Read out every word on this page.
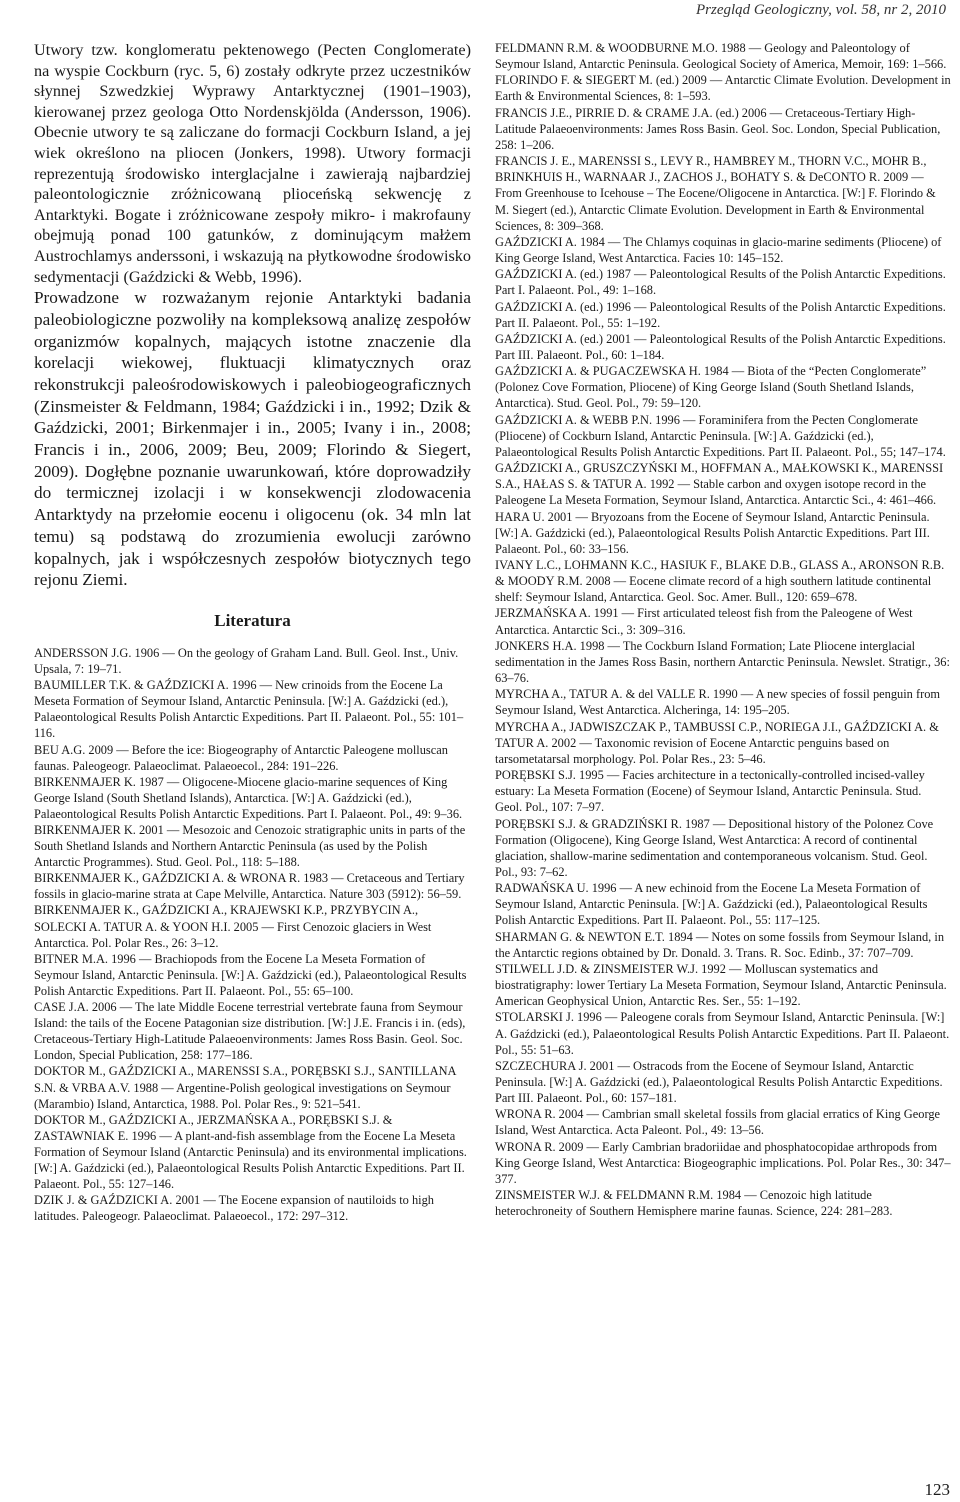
Przegląd Geologiczny, vol. 58, nr 2, 2010

Utwory tzw. konglomeratu pektenowego (Pecten Conglomerate) na wyspie Cockburn (ryc. 5, 6) zostały odkryte przez uczestników słynnej Szwedzkiej Wyprawy Antarktycznej (1901–1903), kierowanej przez geologa Otto Nordenskjölda (Andersson, 1906). Obecnie utwory te są zaliczane do formacji Cockburn Island, a jej wiek określono na pliocen (Jonkers, 1998). Utwory formacji reprezentują środowisko interglacjalne i zawierają najbardziej paleontologicznie zróżnicowaną plioceńską sekwencję z Antarktyki. Bogate i zróżnicowane zespoły mikro- i makrofauny obejmują ponad 100 gatunków, z dominującym małżem Austrochlamys anderssoni, i wskazują na płytkowodne środowisko sedymentacji (Gaździcki & Webb, 1996).

Prowadzone w rozważanym rejonie Antarktyki badania paleobiologiczne pozwoliły na kompleksową analizę zespołów organizmów kopalnych, mających istotne znaczenie dla korelacji wiekowej, fluktuacji klimatycznych oraz rekonstrukcji paleośrodowiskowych i paleobiogeograficznych (Zinsmeister & Feldmann, 1984; Gaździcki i in., 1992; Dzik & Gaździcki, 2001; Birkenmajer i in., 2005; Ivany i in., 2008; Francis i in., 2006, 2009; Beu, 2009; Florindo & Siegert, 2009). Dogłębne poznanie uwarunkowań, które doprowadziły do termicznej izolacji i w konsekwencji zlodowacenia Antarktydy na przełomie eocenu i oligocenu (ok. 34 mln lat temu) są podstawą do zrozumienia ewolucji zarówno kopalnych, jak i współczesnych zespołów biotycznych tego rejonu Ziemi.

Literatura

ANDERSSON J.G. 1906 — On the geology of Graham Land. Bull. Geol. Inst., Univ. Upsala, 7: 19–71.

BAUMILLER T.K. & GAŹDZICKI A. 1996 — New crinoids from the Eocene La Meseta Formation of Seymour Island, Antarctic Peninsula. [W:] A. Gaździcki (ed.), Palaeontological Results Polish Antarctic Expeditions. Part II. Palaeont. Pol., 55: 101–116.

BEU A.G. 2009 — Before the ice: Biogeography of Antarctic Paleogene molluscan faunas. Paleogeogr. Palaeoclimat. Palaeoecol., 284: 191–226.

BIRKENMAJER K. 1987 — Oligocene-Miocene glacio-marine sequences of King George Island (South Shetland Islands), Antarctica. [W:] A. Gaździcki (ed.), Palaeontological Results Polish Antarctic Expeditions. Part I. Palaeont. Pol., 49: 9–36.

BIRKENMAJER K. 2001 — Mesozoic and Cenozoic stratigraphic units in parts of the South Shetland Islands and Northern Antarctic Peninsula (as used by the Polish Antarctic Programmes). Stud. Geol. Pol., 118: 5–188.

BIRKENMAJER K., GAŹDZICKI A. & WRONA R. 1983 — Cretaceous and Tertiary fossils in glacio-marine strata at Cape Melville, Antarctica. Nature 303 (5912): 56–59.

BIRKENMAJER K., GAŹDZICKI A., KRAJEWSKI K.P., PRZYBYCIN A., SOLECKI A. TATUR A. & YOON H.I. 2005 — First Cenozoic glaciers in West Antarctica. Pol. Polar Res., 26: 3–12.

BITNER M.A. 1996 — Brachiopods from the Eocene La Meseta Formation of Seymour Island, Antarctic Peninsula. [W:] A. Gaździcki (ed.), Palaeontological Results Polish Antarctic Expeditions. Part II. Palaeont. Pol., 55: 65–100.

CASE J.A. 2006 — The late Middle Eocene terrestrial vertebrate fauna from Seymour Island: the tails of the Eocene Patagonian size distribution. [W:] J.E. Francis i in. (eds), Cretaceous-Tertiary High-Latitude Palaeoenvironments: James Ross Basin. Geol. Soc. London, Special Publication, 258: 177–186.

DOKTOR M., GAŹDZICKI A., MARENSSI S.A., PORĘBSKI S.J., SANTILLANA S.N. & VRBA A.V. 1988 — Argentine-Polish geological investigations on Seymour (Marambio) Island, Antarctica, 1988. Pol. Polar Res., 9: 521–541.

DOKTOR M., GAŹDZICKI A., JERZMAŃSKA A., PORĘBSKI S.J. & ZASTAWNIAK E. 1996 — A plant-and-fish assemblage from the Eocene La Meseta Formation of Seymour Island (Antarctic Peninsula) and its environmental implications. [W:] A. Gaździcki (ed.), Palaeontological Results Polish Antarctic Expeditions. Part II. Palaeont. Pol., 55: 127–146.

DZIK J. & GAŹDZICKI A. 2001 — The Eocene expansion of nautiloids to high latitudes. Paleogeogr. Palaeoclimat. Palaeoecol., 172: 297–312.

FELDMANN R.M. & WOODBURNE M.O. 1988 — Geology and Paleontology of Seymour Island, Antarctic Peninsula. Geological Society of America, Memoir, 169: 1–566.

FLORINDO F. & SIEGERT M. (ed.) 2009 — Antarctic Climate Evolution. Development in Earth & Environmental Sciences, 8: 1–593.

FRANCIS J.E., PIRRIE D. & CRAME J.A. (ed.) 2006 — Cretaceous-Tertiary High-Latitude Palaeoenvironments: James Ross Basin. Geol. Soc. London, Special Publication, 258: 1–206.

FRANCIS J. E., MARENSSI S., LEVY R., HAMBREY M., THORN V.C., MOHR B., BRINKHUIS H., WARNAAR J., ZACHOS J., BOHATY S. & DeCONTO R. 2009 — From Greenhouse to Icehouse – The Eocene/Oligocene in Antarctica. [W:] F. Florindo & M. Siegert (ed.), Antarctic Climate Evolution. Development in Earth & Environmental Sciences, 8: 309–368.

GAŹDZICKI A. 1984 — The Chlamys coquinas in glacio-marine sediments (Pliocene) of King George Island, West Antarctica. Facies 10: 145–152.

GAŹDZICKI A. (ed.) 1987 — Paleontological Results of the Polish Antarctic Expeditions. Part I. Palaeont. Pol., 49: 1–168.

GAŹDZICKI A. (ed.) 1996 — Paleontological Results of the Polish Antarctic Expeditions. Part II. Palaeont. Pol., 55: 1–192.

GAŹDZICKI A. (ed.) 2001 — Paleontological Results of the Polish Antarctic Expeditions. Part III. Palaeont. Pol., 60: 1–184.

GAŹDZICKI A. & PUGACZEWSKA H. 1984 — Biota of the “Pecten Conglomerate” (Polonez Cove Formation, Pliocene) of King George Island (South Shetland Islands, Antarctica). Stud. Geol. Pol., 79: 59–120.

GAŹDZICKI A. & WEBB P.N. 1996 — Foraminifera from the Pecten Conglomerate (Pliocene) of Cockburn Island, Antarctic Peninsula. [W:] A. Gaździcki (ed.), Palaeontological Results Polish Antarctic Expeditions. Part II. Palaeont. Pol., 55; 147–174.

GAŹDZICKI A., GRUSZCZYŃSKI M., HOFFMAN A., MAŁKOWSKI K., MARENSSI S.A., HAŁAS S. & TATUR A. 1992 — Stable carbon and oxygen isotope record in the Paleogene La Meseta Formation, Seymour Island, Antarctica. Antarctic Sci., 4: 461–466.

HARA U. 2001 — Bryozoans from the Eocene of Seymour Island, Antarctic Peninsula. [W:] A. Gaździcki (ed.), Palaeontological Results Polish Antarctic Expeditions. Part III. Palaeont. Pol., 60: 33–156.

IVANY L.C., LOHMANN K.C., HASIUK F., BLAKE D.B., GLASS A., ARONSON R.B. & MOODY R.M. 2008 — Eocene climate record of a high southern latitude continental shelf: Seymour Island, Antarctica. Geol. Soc. Amer. Bull., 120: 659–678.

JERZMAŃSKA A. 1991 — First articulated teleost fish from the Paleogene of West Antarctica. Antarctic Sci., 3: 309–316.

JONKERS H.A. 1998 — The Cockburn Island Formation; Late Pliocene interglacial sedimentation in the James Ross Basin, northern Antarctic Peninsula. Newslet. Stratigr., 36: 63–76.

MYRCHA A., TATUR A. & del VALLE R. 1990 — A new species of fossil penguin from Seymour Island, West Antarctica. Alcheringa, 14: 195–205.

MYRCHA A., JADWISZCZAK P., TAMBUSSI C.P., NORIEGA J.I., GAŹDZICKI A. & TATUR A. 2002 — Taxonomic revision of Eocene Antarctic penguins based on tarsometatarsal morphology. Pol. Polar Res., 23: 5–46.

PORĘBSKI S.J. 1995 — Facies architecture in a tectonically-controlled incised-valley estuary: La Meseta Formation (Eocene) of Seymour Island, Antarctic Peninsula. Stud. Geol. Pol., 107: 7–97.

PORĘBSKI S.J. & GRADZIŃSKI R. 1987 — Depositional history of the Polonez Cove Formation (Oligocene), King George Island, West Antarctica: A record of continental glaciation, shallow-marine sedimentation and contemporaneous volcanism. Stud. Geol. Pol., 93: 7–62.

RADWAŃSKA U. 1996 — A new echinoid from the Eocene La Meseta Formation of Seymour Island, Antarctic Peninsula. [W:] A. Gaździcki (ed.), Palaeontological Results Polish Antarctic Expeditions. Part II. Palaeont. Pol., 55: 117–125.

SHARMAN G. & NEWTON E.T. 1894 — Notes on some fossils from Seymour Island, in the Antarctic regions obtained by Dr. Donald. 3. Trans. R. Soc. Edinb., 37: 707–709.

STILWELL J.D. & ZINSMEISTER W.J. 1992 — Molluscan systematics and biostratigraphy: lower Tertiary La Meseta Formation, Seymour Island, Antarctic Peninsula. American Geophysical Union, Antarctic Res. Ser., 55: 1–192.

STOLARSKI J. 1996 — Paleogene corals from Seymour Island, Antarctic Peninsula. [W:] A. Gaździcki (ed.), Palaeontological Results Polish Antarctic Expeditions. Part II. Palaeont. Pol., 55: 51–63.

SZCZECHURA J. 2001 — Ostracods from the Eocene of Seymour Island, Antarctic Peninsula. [W:] A. Gaździcki (ed.), Palaeontological Results Polish Antarctic Expeditions. Part III. Palaeont. Pol., 60: 157–181.

WRONA R. 2004 — Cambrian small skeletal fossils from glacial erratics of King George Island, West Antarctica. Acta Paleont. Pol., 49: 13–56.

WRONA R. 2009 — Early Cambrian bradoriidae and phosphatocopidae arthropods from King George Island, West Antarctica: Biogeographic implications. Pol. Polar Res., 30: 347–377.

ZINSMEISTER W.J. & FELDMANN R.M. 1984 — Cenozoic high latitude heterochroneity of Southern Hemisphere marine faunas. Science, 224: 281–283.

123
